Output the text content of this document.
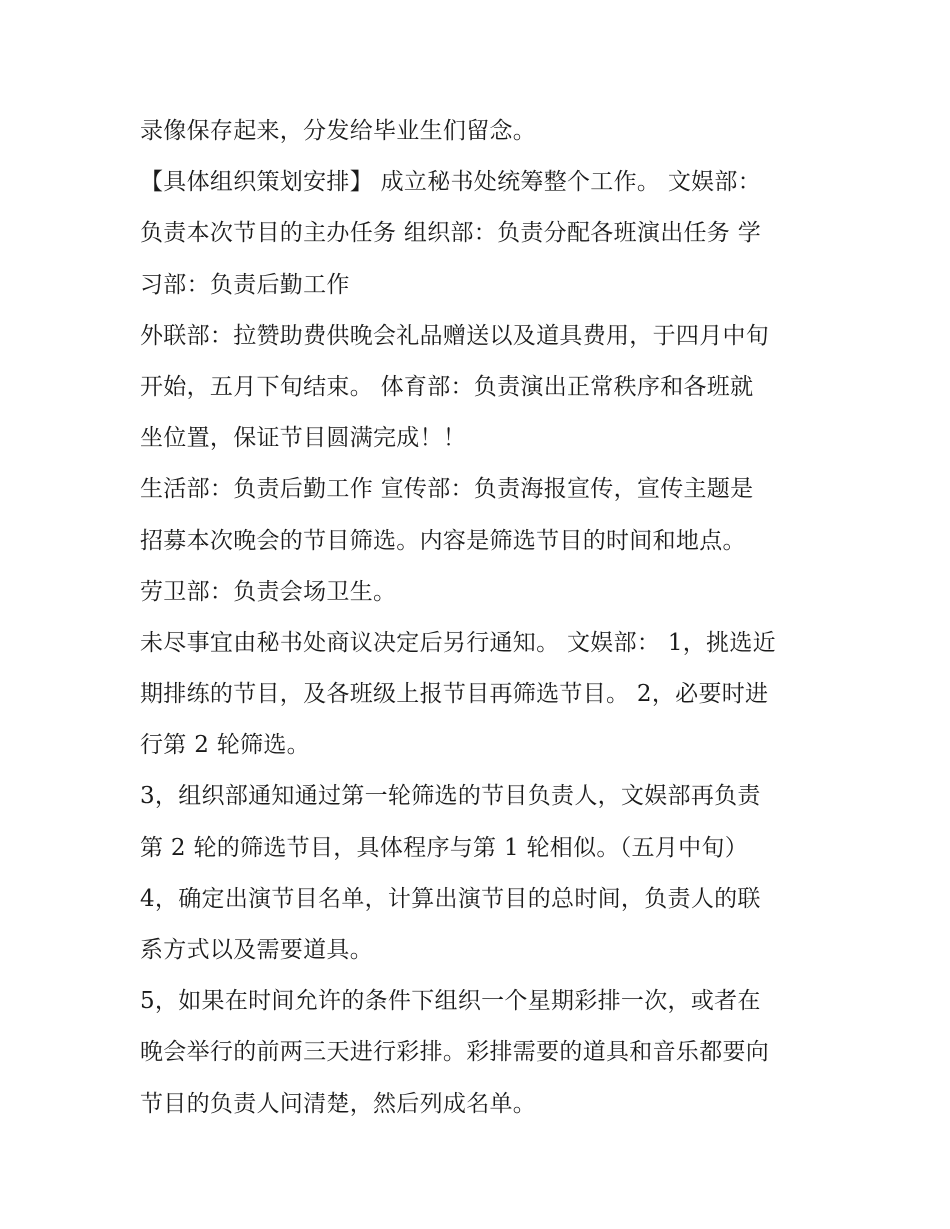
录像保存起来，分发给毕业生们留念。
【具体组织策划安排】 成立秘书处统筹整个工作。 文娱部：
负责本次节目的主办任务 组织部：负责分配各班演出任务 学
习部：负责后勤工作
外联部：拉赞助费供晚会礼品赠送以及道具费用，于四月中旬
开始，五月下旬结束。 体育部：负责演出正常秩序和各班就
坐位置，保证节目圆满完成！！
生活部：负责后勤工作 宣传部：负责海报宣传，宣传主题是
招募本次晚会的节目筛选。内容是筛选节目的时间和地点。
劳卫部：负责会场卫生。
未尽事宜由秘书处商议决定后另行通知。 文娱部： 1，挑选近
期排练的节目，及各班级上报节目再筛选节目。 2，必要时进
行第 2 轮筛选。
3，组织部通知通过第一轮筛选的节目负责人，文娱部再负责
第 2 轮的筛选节目，具体程序与第 1 轮相似。（五月中旬）
4，确定出演节目名单，计算出演节目的总时间，负责人的联
系方式以及需要道具。
5，如果在时间允许的条件下组织一个星期彩排一次，或者在
晚会举行的前两三天进行彩排。彩排需要的道具和音乐都要向
节目的负责人问清楚，然后列成名单。
